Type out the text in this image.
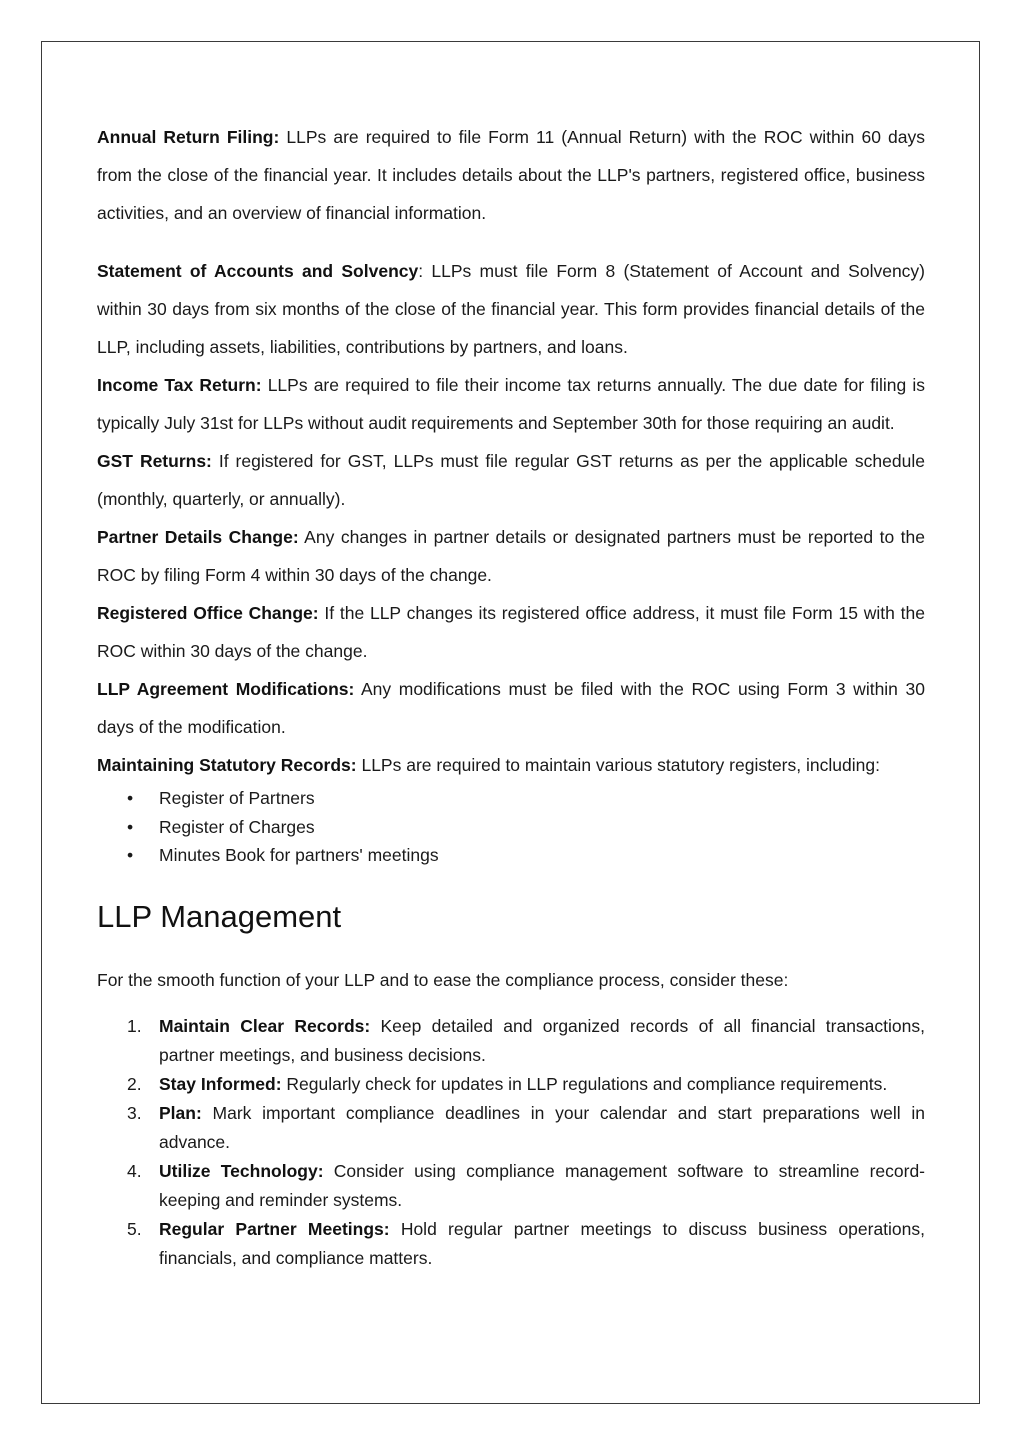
Annual Return Filing: LLPs are required to file Form 11 (Annual Return) with the ROC within 60 days from the close of the financial year. It includes details about the LLP's partners, registered office, business activities, and an overview of financial information.

Statement of Accounts and Solvency: LLPs must file Form 8 (Statement of Account and Solvency) within 30 days from six months of the close of the financial year. This form provides financial details of the LLP, including assets, liabilities, contributions by partners, and loans.

Income Tax Return: LLPs are required to file their income tax returns annually. The due date for filing is typically July 31st for LLPs without audit requirements and September 30th for those requiring an audit.

GST Returns: If registered for GST, LLPs must file regular GST returns as per the applicable schedule (monthly, quarterly, or annually).

Partner Details Change: Any changes in partner details or designated partners must be reported to the ROC by filing Form 4 within 30 days of the change.

Registered Office Change: If the LLP changes its registered office address, it must file Form 15 with the ROC within 30 days of the change.

LLP Agreement Modifications: Any modifications must be filed with the ROC using Form 3 within 30 days of the modification.

Maintaining Statutory Records: LLPs are required to maintain various statutory registers, including:

• Register of Partners
• Register of Charges
• Minutes Book for partners' meetings
LLP Management

For the smooth function of your LLP and to ease the compliance process, consider these:

1. Maintain Clear Records: Keep detailed and organized records of all financial transactions, partner meetings, and business decisions.
2. Stay Informed: Regularly check for updates in LLP regulations and compliance requirements.
3. Plan: Mark important compliance deadlines in your calendar and start preparations well in advance.
4. Utilize Technology: Consider using compliance management software to streamline record-keeping and reminder systems.
5. Regular Partner Meetings: Hold regular partner meetings to discuss business operations, financials, and compliance matters.
